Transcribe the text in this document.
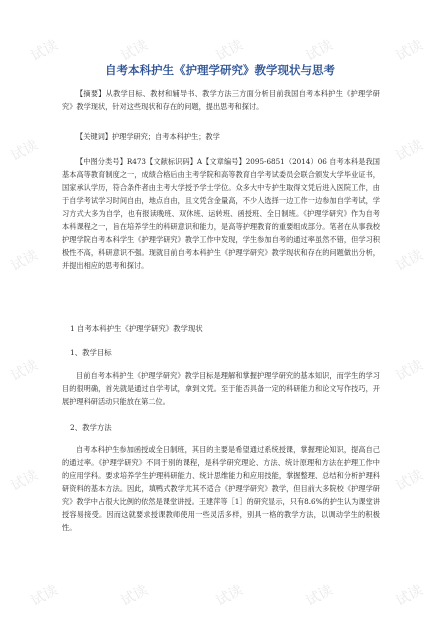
试读	试读	试读	试读	试读
试读	试读
试读	试读
试读	试读
试读	试读
试读	试读	试读	试读	试读
自考本科护生《护理学研究》教学现状与思考

【摘要】从教学目标、教材和辅导书、教学方法三方面分析目前我国自考本科护生《护理学研究》教学现状，针对这些现状和存在的问题，提出思考和探讨。

【关键词】护理学研究；自考本科护生；教学

【中图分类号】R473【文献标识码】A【文章编号】2095-6851（2014）06 自考本科是我国基本高等教育制度之一，成绩合格后由主考学院和高等教育自学考试委员会联合颁发大学毕业证书，国家承认学历，符合条件者由主考大学授予学士学位。众多大中专护生取得文凭后进入医院工作，由于自学考试学习时间自由，地点自由，且文凭含金量高，不少人选择一边工作一边参加自学考试，学习方式大多为自学，也有报读晚班、双休班、运转班、函授班、全日制班。《护理学研究》作为自考本科课程之一，旨在培养学生的科研意识和能力，是高等护理教育的重要组成部分。笔者在从事我校护理学院自考本科学生《护理学研究》教学工作中发现，学生参加自考的通过率虽然不错，但学习积极性不高，科研意识不强。现就目前自考本科护生《护理学研究》教学现状和存在的问题做出分析，并提出相应的思考和探讨。

1 自考本科护生《护理学研究》教学现状

1、教学目标

目前自考本科护生《护理学研究》教学目标是理解和掌握护理学研究的基本知识，而学生的学习目的很明确，首先就是通过自学考试，拿到文凭。至于能否具备一定的科研能力和论文写作技巧，开展护理科研活动只能放在第二位。

2、教学方法

自考本科护生参加函授或全日制班，其目的主要是希望通过系统授课，掌握理论知识，提高自己的通过率。《护理学研究》不同于别的课程，是科学研究理论、方法、统计原理和方法在护理工作中的应用学科。要求培养学生护理科研能力、统计思维能力和应用技能，掌握整理、总结和分析护理科研资料的基本方法。因此，填鸭式教学尤其不适合《护理学研究》教学，但目前大多院校《护理学研究》教学中占很大比例的依然是课堂讲授。王建萍等［1］的研究显示，只有8.6%的护生认为课堂讲授容易接受。因而这就要求授课教师使用一些灵活多样，别具一格的教学方法，以调动学生的积极性。
